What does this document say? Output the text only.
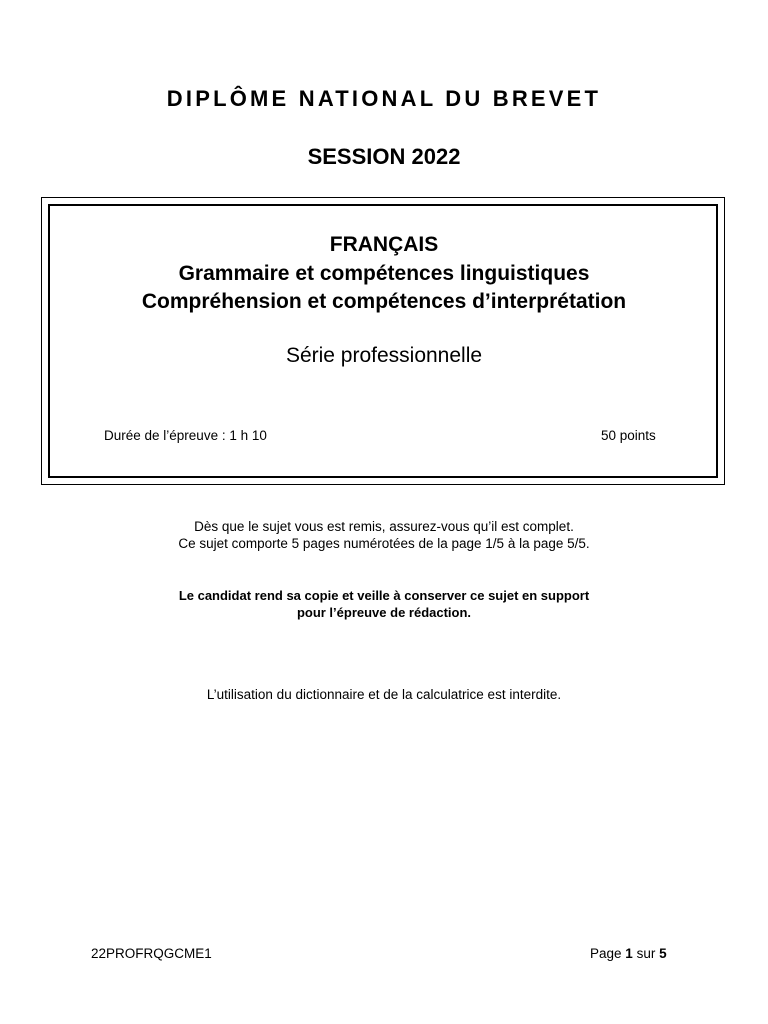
DIPLÔME NATIONAL DU BREVET
SESSION 2022
FRANÇAIS
Grammaire et compétences linguistiques
Compréhension et compétences d’interprétation
Série professionnelle
Durée de l’épreuve : 1 h 10	50 points
Dès que le sujet vous est remis, assurez-vous qu’il est complet.
Ce sujet comporte 5 pages numérotées de la page 1/5 à la page 5/5.
Le candidat rend sa copie et veille à conserver ce sujet en support
pour l’épreuve de rédaction.
L’utilisation du dictionnaire et de la calculatrice est interdite.
22PROFRQGCME1	Page 1 sur 5
